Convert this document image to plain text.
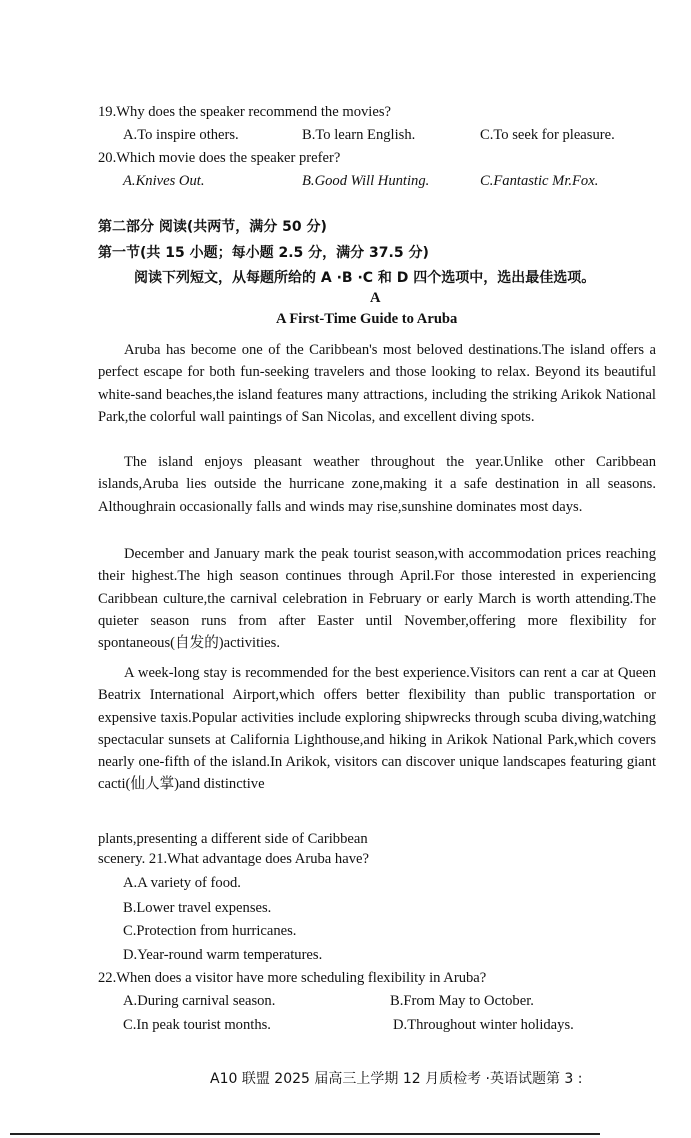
19.Why does the speaker recommend the movies?

A.To inspire others.	B.To learn English.	C.To seek for pleasure.

20.Which movie does the speaker prefer?

A.Knives Out.	B.Good Will Hunting.	C.Fantastic Mr.Fox.

第二部分 阅读(共两节，满分 50 分)

第一节(共 15 小题；每小题 2.5 分，满分 37.5 分)

阅读下列短文，从每题所给的 A ·B ·C 和 D 四个选项中，选出最佳选项。

A

A First-Time Guide to Aruba

Aruba has become one of the Caribbean's most beloved destinations.The island offers a perfect escape for both fun-seeking travelers and those looking to relax. Beyond its beautiful white-sand beaches,the island features many attractions, including the striking Arikok National Park,the colorful wall paintings of San Nicolas, and excellent diving spots.

The island enjoys pleasant weather throughout the year.Unlike other Caribbean islands,Aruba lies outside the hurricane zone,making it a safe destination in all seasons. Althoughrain occasionally falls and winds may rise,sunshine dominates most days.

December and January mark the peak tourist season,with accommodation prices reaching their highest.The high season continues through April.For those interested in experiencing Caribbean culture,the carnival celebration in February or early March is worth attending.The quieter season runs from after Easter until November,offering more flexibility for spontaneous(自发的)activities.

A week-long stay is recommended for the best experience.Visitors can rent a car at Queen Beatrix International Airport,which offers better flexibility than public transportation or expensive taxis.Popular activities include exploring shipwrecks through scuba diving,watching spectacular sunsets at California Lighthouse,and hiking in Arikok National Park,which covers nearly one-fifth of the island.In Arikok, visitors can discover unique landscapes featuring giant cacti(仙人掌)and distinctive

plants,presenting a different side of Caribbean

scenery. 21.What advantage does Aruba have?

A.A variety of food.

B.Lower travel expenses.

C.Protection from hurricanes.

D.Year-round warm temperatures.

22.When does a visitor have more scheduling flexibility in Aruba?

A.During carnival season.	B.From May to October.

C.In peak tourist months.	D.Throughout winter holidays.

A10 联盟 2025 届高三上学期 12 月质检考 ·英语试题第 3 :
